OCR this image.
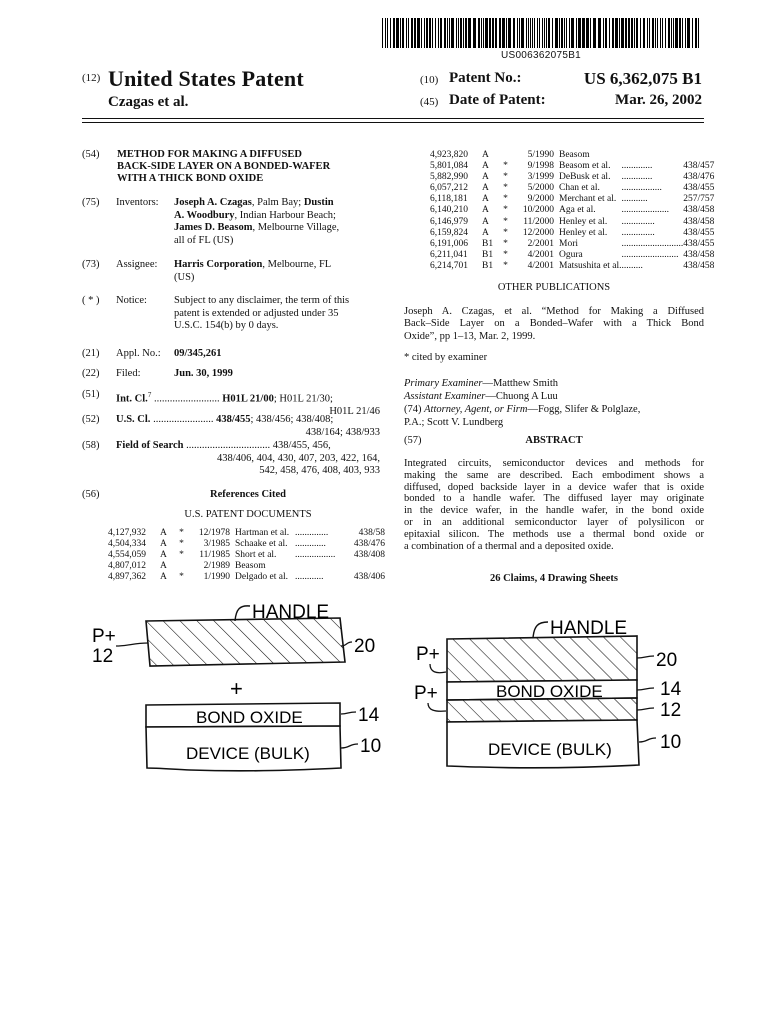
US006362075B1
(12) United States Patent
Czagas et al.
(10) Patent No.:	US 6,362,075 B1
(45) Date of Patent:	Mar. 26, 2002
(54) METHOD FOR MAKING A DIFFUSED
BACK-SIDE LAYER ON A BONDED-WAFER
WITH A THICK BOND OXIDE
(75) Inventors: Joseph A. Czagas, Palm Bay; Dustin
A. Woodbury, Indian Harbour Beach;
James D. Beasom, Melbourne Village,
all of FL (US)
(73) Assignee: Harris Corporation, Melbourne, FL
(US)
( * ) Notice:	Subject to any disclaimer, the term of this
patent is extended or adjusted under 35
U.S.C. 154(b) by 0 days.
(21) Appl. No.: 09/345,261
(22) Filed:	Jun. 30, 1999
(51) Int. Cl.$^7$ ......................... H01L 21/00; H01L 21/30;
H01L 21/46
(52) U.S. Cl. ....................... 438/455; 438/456; 438/408;
438/164; 438/933
(58) Field of Search ................................ 438/455, 456,
438/406, 404, 430, 407, 203, 422, 164,
542, 458, 476, 408, 403, 933
(56)	References Cited
U.S. PATENT DOCUMENTS
4,127,932	A	*	12/1978	Hartman et al.	..............	438/58
4,504,334	A	*	3/1985	Schaake et al.	.............	438/476
4,554,059	A	*	11/1985	Short et al.	.................	438/408
4,807,012	A		2/1989	Beasom		
4,897,362	A	*	1/1990	Delgado et al.	............	438/406
4,923,820	A		5/1990	Beasom		
5,801,084	A	*	9/1998	Beasom et al.	.............	438/457
5,882,990	A	*	3/1999	DeBusk et al.	.............	438/476
6,057,212	A	*	5/2000	Chan et al.	.................	438/455
6,118,181	A	*	9/2000	Merchant et al.	...........	257/757
6,140,210	A	*	10/2000	Aga et al.	....................	438/458
6,146,979	A	*	11/2000	Henley et al.	..............	438/458
6,159,824	A	*	12/2000	Henley et al.	..............	438/455
6,191,006	B1	*	2/2001	Mori	..........................	438/455
6,211,041	B1	*	4/2001	Ogura	........................	438/458
6,214,701	B1	*	4/2001	Matsushita et al.	.........	438/458
OTHER PUBLICATIONS
Joseph A. Czagas, et al. “Method for Making a Diffused
Back–Side Layer on a Bonded–Wafer with a Thick Bond
Oxide”, pp 1–13, Mar. 2, 1999.
* cited by examiner
Primary Examiner—Matthew Smith
Assistant Examiner—Chuong A Luu
(74) Attorney, Agent, or Firm—Fogg, Slifer & Polglaze,
P.A.; Scott V. Lundberg
(57)	ABSTRACT
Integrated circuits, semiconductor devices and methods for
making the same are described. Each embodiment shows a
diffused, doped backside layer in a device wafer that is oxide
bonded to a handle wafer. The diffused layer may originate
in the device wafer, in the handle wafer, in the bond oxide
or in an additional semiconductor layer of polysilicon or
epitaxial silicon. The methods use a thermal bond oxide or
a combination of a thermal and a deposited oxide.
26 Claims, 4 Drawing Sheets
HANDLE
P+
12	20
+
BOND OXIDE
DEVICE (BULK)
14
10
HANDLE
P+	20
BOND OXIDE
P+	14
12
DEVICE (BULK)	10
